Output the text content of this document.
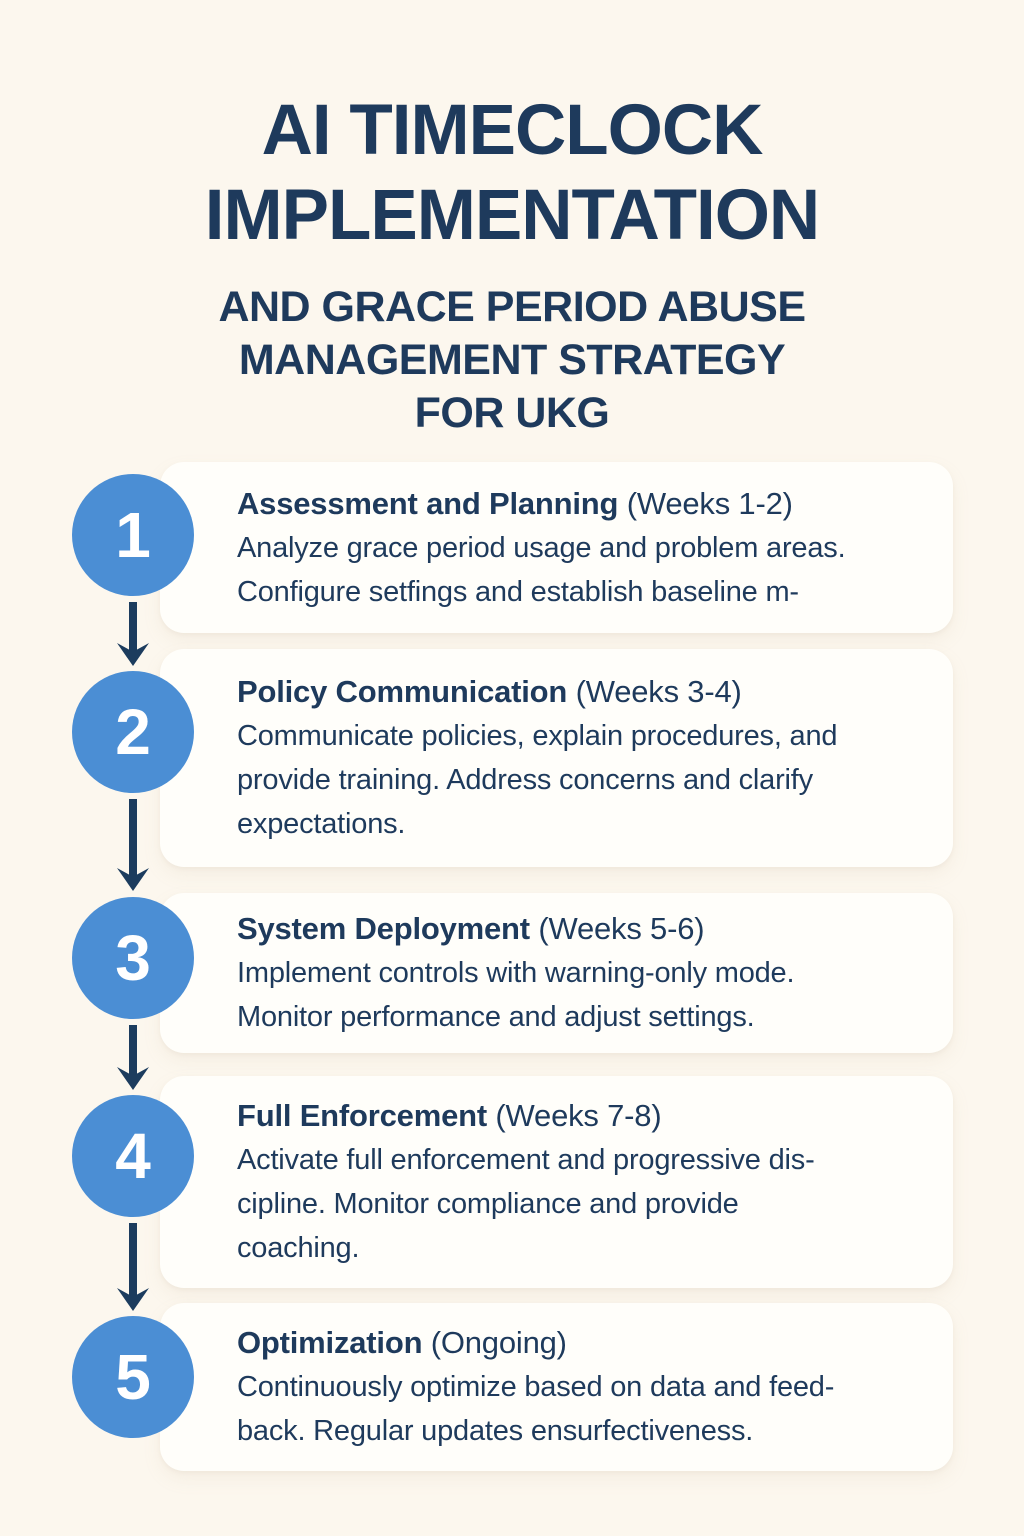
AI TIMECLOCK
IMPLEMENTATION
AND GRACE PERIOD ABUSE
MANAGEMENT STRATEGY
FOR UKG
Assessment and Planning (Weeks 1-2)
Analyze grace period usage and problem areas.
Configure setfings and establish baseline m-
1
Policy Communication (Weeks 3-4)
Communicate policies, explain procedures, and
provide training. Address concerns and clarify
expectations.
2
System Deployment (Weeks 5-6)
Implement controls with warning-only mode.
Monitor performance and adjust settings.
3
Full Enforcement (Weeks 7-8)
Activate full enforcement and progressive dis-
cipline. Monitor compliance and provide
coaching.
4
Optimization (Ongoing)
Continuously optimize based on data and feed-
back. Regular updates ensurfectiveness.
5
